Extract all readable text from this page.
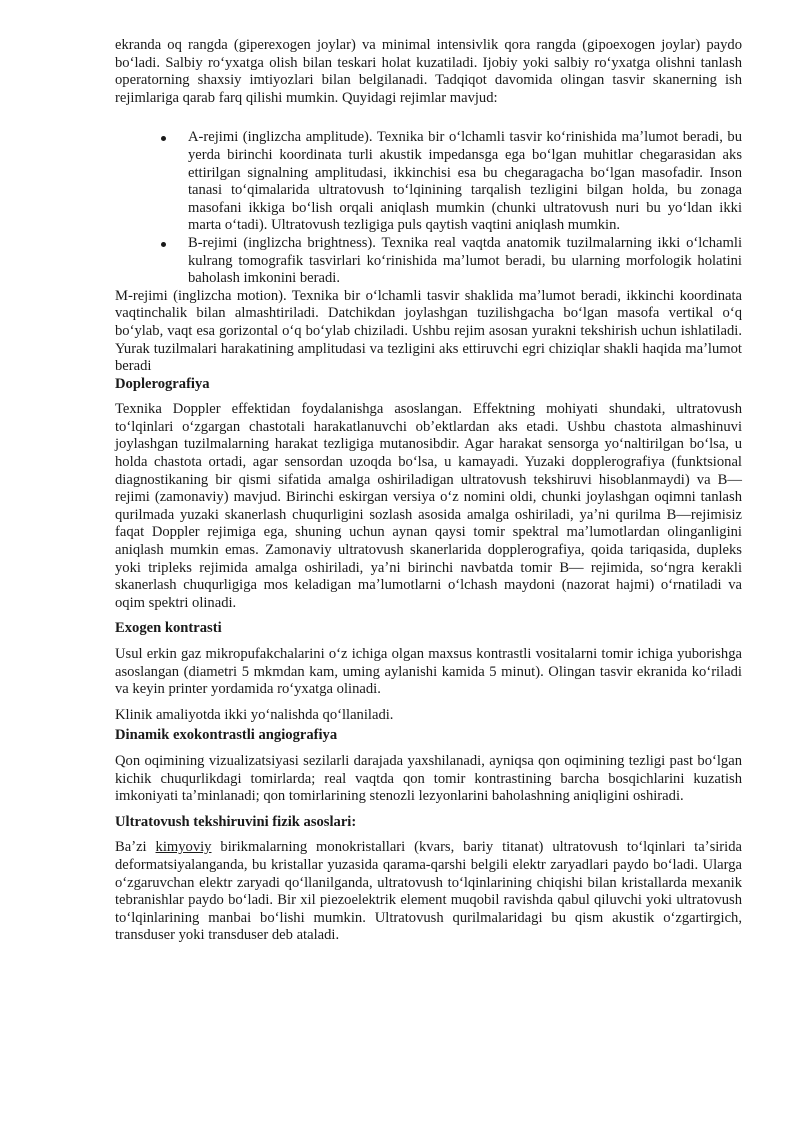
ekranda oq rangda (giperexogen joylar) va minimal intensivlik qora rangda (gipoexogen joylar) paydo boʻladi. Salbiy roʻyxatga olish bilan teskari holat kuzatiladi. Ijobiy yoki salbiy roʻyxatga olishni tanlash operatorning shaxsiy imtiyozlari bilan belgilanadi. Tadqiqot davomida olingan tasvir skanerning ish rejimlariga qarab farq qilishi mumkin. Quyidagi rejimlar mavjud:

A-rejimi (inglizcha amplitude). Texnika bir oʻlchamli tasvir koʻrinishida maʼlumot beradi, bu yerda birinchi koordinata turli akustik impedansga ega boʻlgan muhitlar chegarasidan aks ettirilgan signalning amplitudasi, ikkinchisi esa bu chegaragacha boʻlgan masofadir. Inson tanasi toʻqimalarida ultratovush toʻlqinining tarqalish tezligini bilgan holda, bu zonaga masofani ikkiga boʻlish orqali aniqlash mumkin (chunki ultratovush nuri bu yoʻldan ikki marta oʻtadi). Ultratovush tezligiga puls qaytish vaqtini aniqlash mumkin.
B-rejimi (inglizcha brightness). Texnika real vaqtda anatomik tuzilmalarning ikki oʻlchamli kulrang tomografik tasvirlari koʻrinishida maʼlumot beradi, bu ularning morfologik holatini baholash imkonini beradi.

M-rejimi (inglizcha motion). Texnika bir oʻlchamli tasvir shaklida maʼlumot beradi, ikkinchi koordinata vaqtinchalik bilan almashtiriladi. Datchikdan joylashgan tuzilishgacha boʻlgan masofa vertikal oʻq boʻylab, vaqt esa gorizontal oʻq boʻylab chiziladi. Ushbu rejim asosan yurakni tekshirish uchun ishlatiladi. Yurak tuzilmalari harakatining amplitudasi va tezligini aks ettiruvchi egri chiziqlar shakli haqida maʼlumot beradi

Doplerografiya

Texnika Doppler effektidan foydalanishga asoslangan. Effektning mohiyati shundaki, ultratovush toʻlqinlari oʻzgargan chastotali harakatlanuvchi obʼektlardan aks etadi. Ushbu chastota almashinuvi joylashgan tuzilmalarning harakat tezligiga mutanosibdir. Agar harakat sensorga yoʻnaltirilgan boʻlsa, u holda chastota ortadi, agar sensordan uzoqda boʻlsa, u kamayadi. Yuzaki dopplerografiya (funktsional diagnostikaning bir qismi sifatida amalga oshiriladigan ultratovush tekshiruvi hisoblanmaydi) va B—rejimi (zamonaviy) mavjud. Birinchi eskirgan versiya oʻz nomini oldi, chunki joylashgan oqimni tanlash qurilmada yuzaki skanerlash chuqurligini sozlash asosida amalga oshiriladi, yaʼni qurilma B—rejimisiz faqat Doppler rejimiga ega, shuning uchun aynan qaysi tomir spektral maʼlumotlardan olinganligini aniqlash mumkin emas. Zamonaviy ultratovush skanerlarida dopplerografiya, qoida tariqasida, dupleks yoki tripleks rejimida amalga oshiriladi, yaʼni birinchi navbatda tomir B— rejimida, soʻngra kerakli skanerlash chuqurligiga mos keladigan maʼlumotlarni oʻlchash maydoni (nazorat hajmi) oʻrnatiladi va oqim spektri olinadi.

Exogen kontrasti

Usul erkin gaz mikropufakchalarini oʻz ichiga olgan maxsus kontrastli vositalarni tomir ichiga yuborishga asoslangan (diametri 5 mkmdan kam, uming aylanishi kamida 5 minut). Olingan tasvir ekranida koʻriladi va keyin printer yordamida roʻyxatga olinadi.

Klinik amaliyotda ikki yoʻnalishda qoʻllaniladi.

Dinamik exokontrastli angiografiya

Qon oqimining vizualizatsiyasi sezilarli darajada yaxshilanadi, ayniqsa qon oqimining tezligi past boʻlgan kichik chuqurlikdagi tomirlarda; real vaqtda qon tomir kontrastining barcha bosqichlarini kuzatish imkoniyati taʼminlanadi; qon tomirlarining stenozli lezyonlarini baholashning aniqligini oshiradi.

Ultratovush tekshiruvini fizik asoslari:

Baʼzi kimyoviy birikmalarning monokristallari (kvars, bariy titanat) ultratovush toʻlqinlari taʼsirida deformatsiyalanganda, bu kristallar yuzasida qarama-qarshi belgili elektr zaryadlari paydo boʻladi. Ularga oʻzgaruvchan elektr zaryadi qoʻllanilganda, ultratovush toʻlqinlarining chiqishi bilan kristallarda mexanik tebranishlar paydo boʻladi. Bir xil piezoelektrik element muqobil ravishda qabul qiluvchi yoki ultratovush toʻlqinlarining manbai boʻlishi mumkin. Ultratovush qurilmalaridagi bu qism akustik oʻzgartirgich, transduser yoki transduser deb ataladi.
